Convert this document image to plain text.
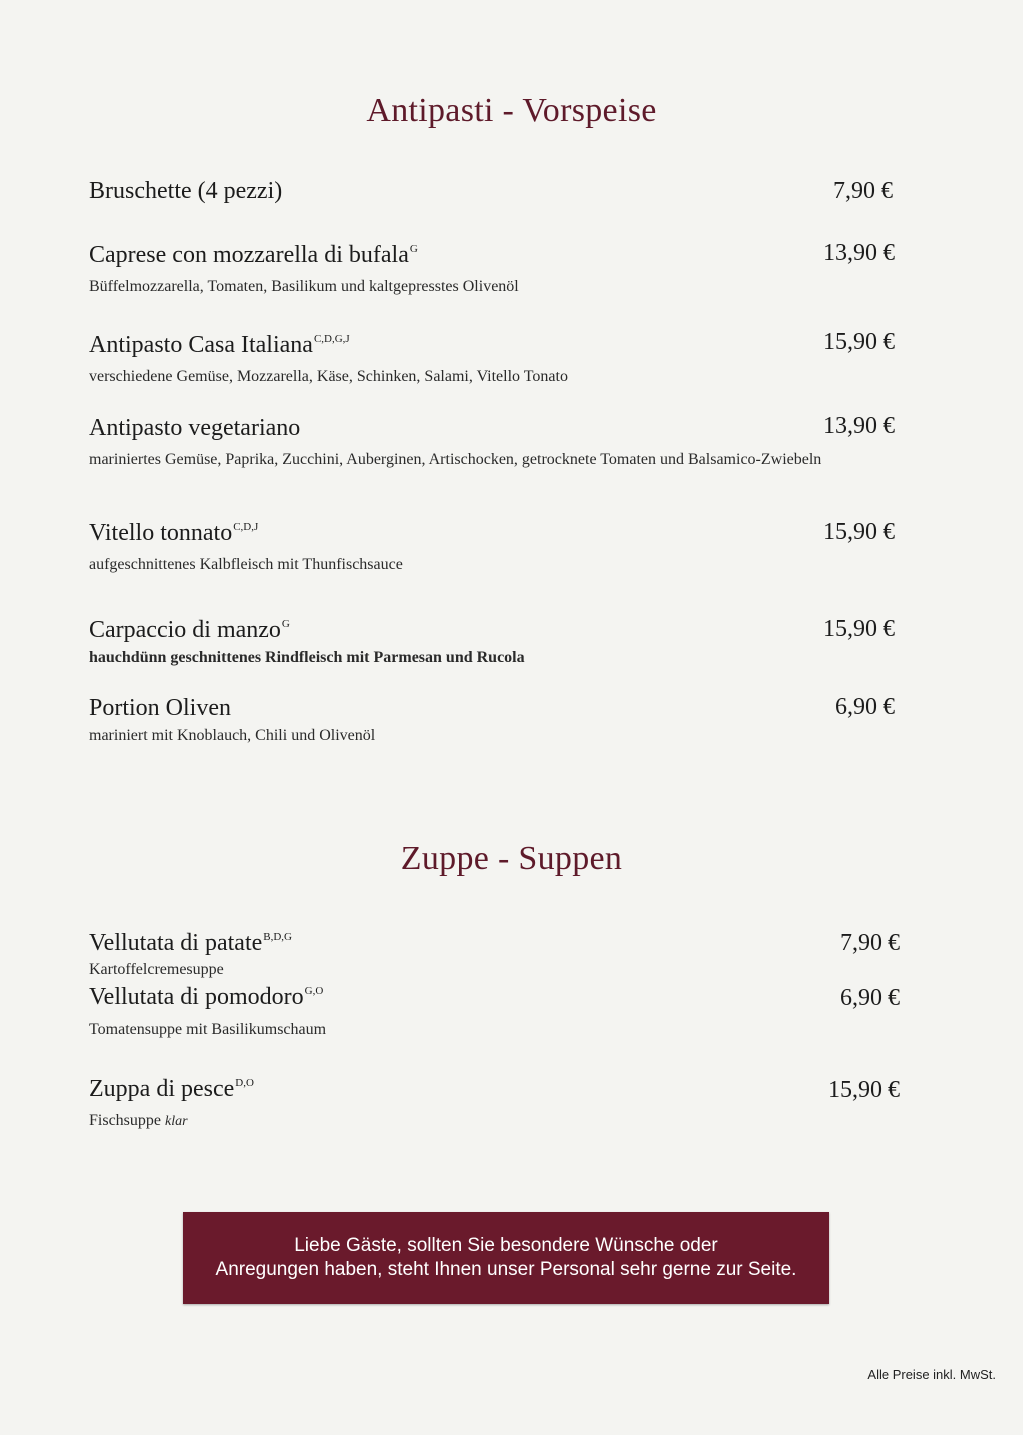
Antipasti - Vorspeise
Bruschette (4 pezzi)	7,90 €
Caprese con mozzarella di bufala$^G$
Büffelmozzarella, Tomaten, Basilikum und kaltgepresstes Olivenöl
13,90 €
Antipasto Casa Italiana$^{C,D,G,J}$
verschiedene Gemüse, Mozzarella, Käse, Schinken, Salami, Vitello Tonato
15,90 €
Antipasto vegetariano
mariniertes Gemüse, Paprika, Zucchini, Auberginen, Artischocken, getrocknete Tomaten und Balsamico-Zwiebeln
13,90 €
Vitello tonnato$^{C,D,J}$
aufgeschnittenes Kalbfleisch mit Thunfischsauce
15,90 €
Carpaccio di manzo$^G$
hauchdünn geschnittenes Rindfleisch mit Parmesan und Rucola
15,90 €
Portion Oliven
mariniert mit Knoblauch, Chili und Olivenöl
6,90 €
Zuppe - Suppen
Vellutata di patate$^{B,D,G}$
Kartoffelcremesuppe
7,90 €
Vellutata di pomodoro$^{G,O}$
Tomatensuppe mit Basilikumschaum
6,90 €
Zuppa di pesce$^{D,O}$
Fischsuppe klar
15,90 €
Liebe Gäste, sollten Sie besondere Wünsche oder
Anregungen haben, steht Ihnen unser Personal sehr gerne zur Seite.
Alle Preise inkl. MwSt.
